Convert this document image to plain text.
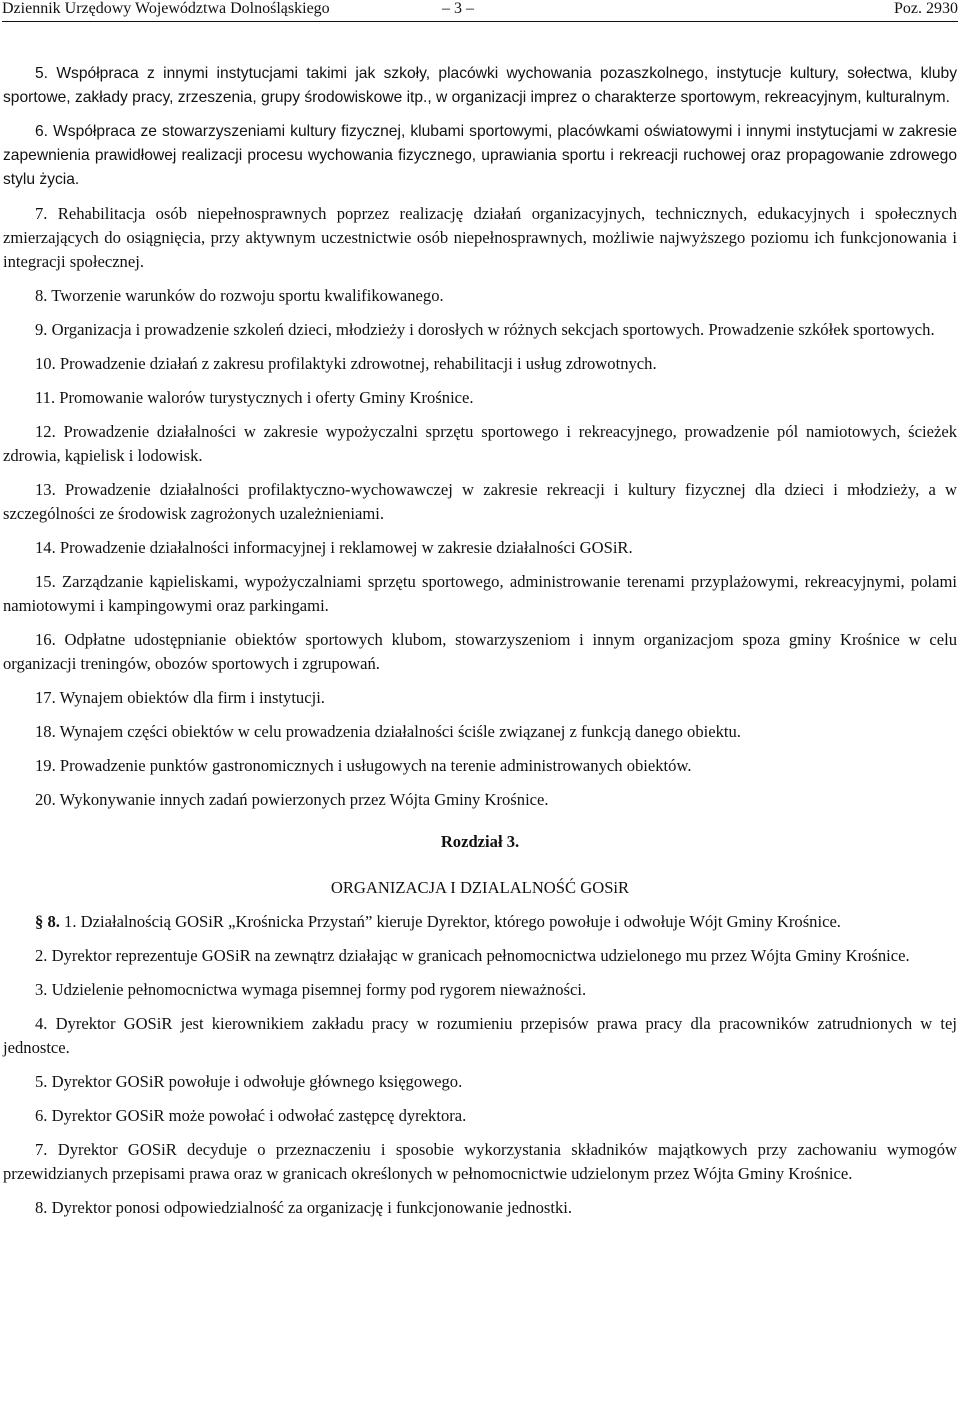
Dziennik Urzędowy Województwa Dolnośląskiego	– 3 –	Poz. 2930

5. Współpraca z innymi instytucjami takimi jak szkoły, placówki wychowania pozaszkolnego, instytucje kultury, sołectwa, kluby sportowe, zakłady pracy, zrzeszenia, grupy środowiskowe itp., w organizacji imprez o charakterze sportowym, rekreacyjnym, kulturalnym.

6. Współpraca ze stowarzyszeniami kultury fizycznej, klubami sportowymi, placówkami oświatowymi i innymi instytucjami w zakresie zapewnienia prawidłowej realizacji procesu wychowania fizycznego, uprawiania sportu i rekreacji ruchowej oraz propagowanie zdrowego stylu życia.

7. Rehabilitacja osób niepełnosprawnych poprzez realizację działań organizacyjnych, technicznych, edukacyjnych i społecznych zmierzających do osiągnięcia, przy aktywnym uczestnictwie osób niepełnosprawnych, możliwie najwyższego poziomu ich funkcjonowania i integracji społecznej.

8. Tworzenie warunków do rozwoju sportu kwalifikowanego.

9. Organizacja i prowadzenie szkoleń dzieci, młodzieży i dorosłych w różnych sekcjach sportowych. Prowadzenie szkółek sportowych.

10. Prowadzenie działań z zakresu profilaktyki zdrowotnej, rehabilitacji i usług zdrowotnych.

11. Promowanie walorów turystycznych i oferty Gminy Krośnice.

12. Prowadzenie działalności w zakresie wypożyczalni sprzętu sportowego i rekreacyjnego, prowadzenie pól namiotowych, ścieżek zdrowia, kąpielisk i lodowisk.

13. Prowadzenie działalności profilaktyczno-wychowawczej w zakresie rekreacji i kultury fizycznej dla dzieci i młodzieży, a w szczególności ze środowisk zagrożonych uzależnieniami.

14. Prowadzenie działalności informacyjnej i reklamowej w zakresie działalności GOSiR.

15. Zarządzanie kąpieliskami, wypożyczalniami sprzętu sportowego, administrowanie terenami przyplażowymi, rekreacyjnymi, polami namiotowymi i kampingowymi oraz parkingami.

16. Odpłatne udostępnianie obiektów sportowych klubom, stowarzyszeniom i innym organizacjom spoza gminy Krośnice w celu organizacji treningów, obozów sportowych i zgrupowań.

17. Wynajem obiektów dla firm i instytucji.

18. Wynajem części obiektów w celu prowadzenia działalności ściśle związanej z funkcją danego obiektu.

19. Prowadzenie punktów gastronomicznych i usługowych na terenie administrowanych obiektów.

20. Wykonywanie innych zadań powierzonych przez Wójta Gminy Krośnice.

Rozdział 3.

ORGANIZACJA I DZIALALNOŚĆ GOSiR

§ 8. 1. Działalnością GOSiR „Krośnicka Przystań” kieruje Dyrektor, którego powołuje i odwołuje Wójt Gminy Krośnice.

2. Dyrektor reprezentuje GOSiR na zewnątrz działając w granicach pełnomocnictwa udzielonego mu przez Wójta Gminy Krośnice.

3. Udzielenie pełnomocnictwa wymaga pisemnej formy pod rygorem nieważności.

4. Dyrektor GOSiR jest kierownikiem zakładu pracy w rozumieniu przepisów prawa pracy dla pracowników zatrudnionych w tej jednostce.

5. Dyrektor GOSiR powołuje i odwołuje głównego księgowego.

6. Dyrektor GOSiR może powołać i odwołać zastępcę dyrektora.

7. Dyrektor GOSiR decyduje o przeznaczeniu i sposobie wykorzystania składników majątkowych przy zachowaniu wymogów przewidzianych przepisami prawa oraz w granicach określonych w pełnomocnictwie udzielonym przez Wójta Gminy Krośnice.

8. Dyrektor ponosi odpowiedzialność za organizację i funkcjonowanie jednostki.
